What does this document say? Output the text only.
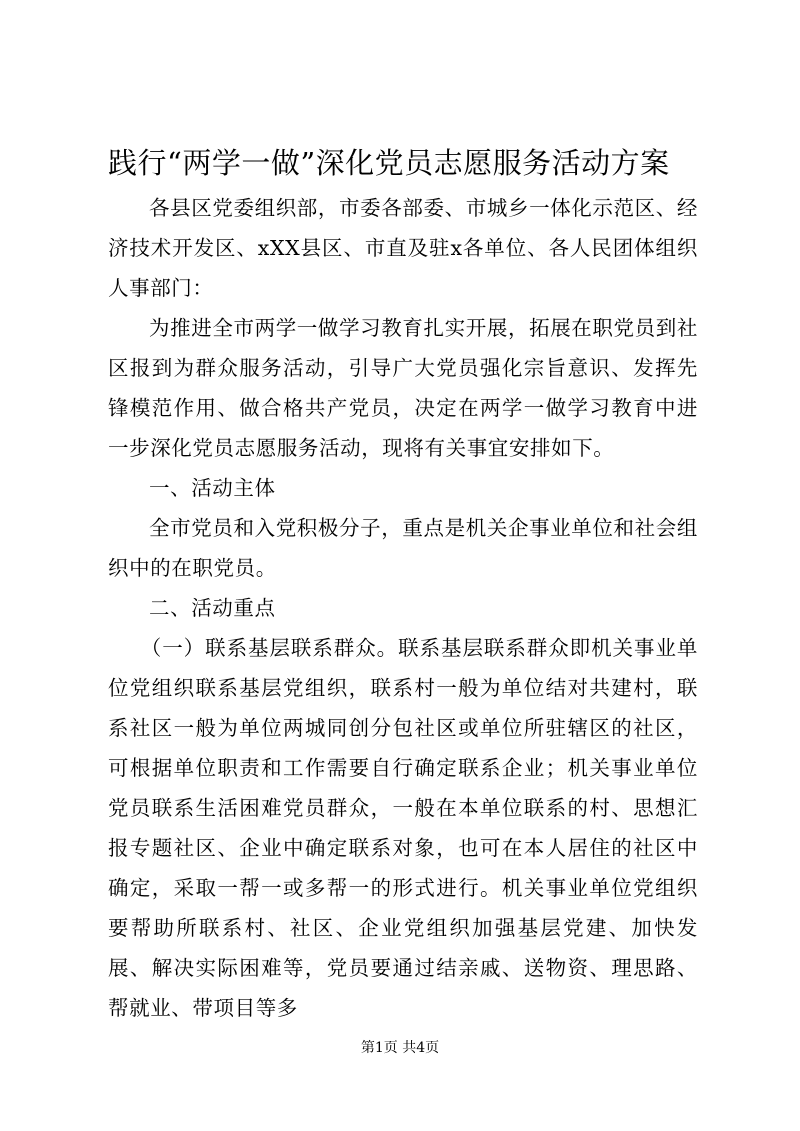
践行“两学一做”深化党员志愿服务活动方案

各县区党委组织部，市委各部委、市城乡一体化示范区、经济技术开发区、xXX县区、市直及驻x各单位、各人民团体组织人事部门：

为推进全市两学一做学习教育扎实开展，拓展在职党员到社区报到为群众服务活动，引导广大党员强化宗旨意识、发挥先锋模范作用、做合格共产党员，决定在两学一做学习教育中进一步深化党员志愿服务活动，现将有关事宜安排如下。

一、活动主体

全市党员和入党积极分子，重点是机关企事业单位和社会组织中的在职党员。

二、活动重点

（一）联系基层联系群众。联系基层联系群众即机关事业单位党组织联系基层党组织，联系村一般为单位结对共建村，联系社区一般为单位两城同创分包社区或单位所驻辖区的社区，可根据单位职责和工作需要自行确定联系企业；机关事业单位党员联系生活困难党员群众，一般在本单位联系的村、思想汇报专题社区、企业中确定联系对象，也可在本人居住的社区中确定，采取一帮一或多帮一的形式进行。机关事业单位党组织要帮助所联系村、社区、企业党组织加强基层党建、加快发展、解决实际困难等，党员要通过结亲戚、送物资、理思路、帮就业、带项目等多

第1页 共4页
